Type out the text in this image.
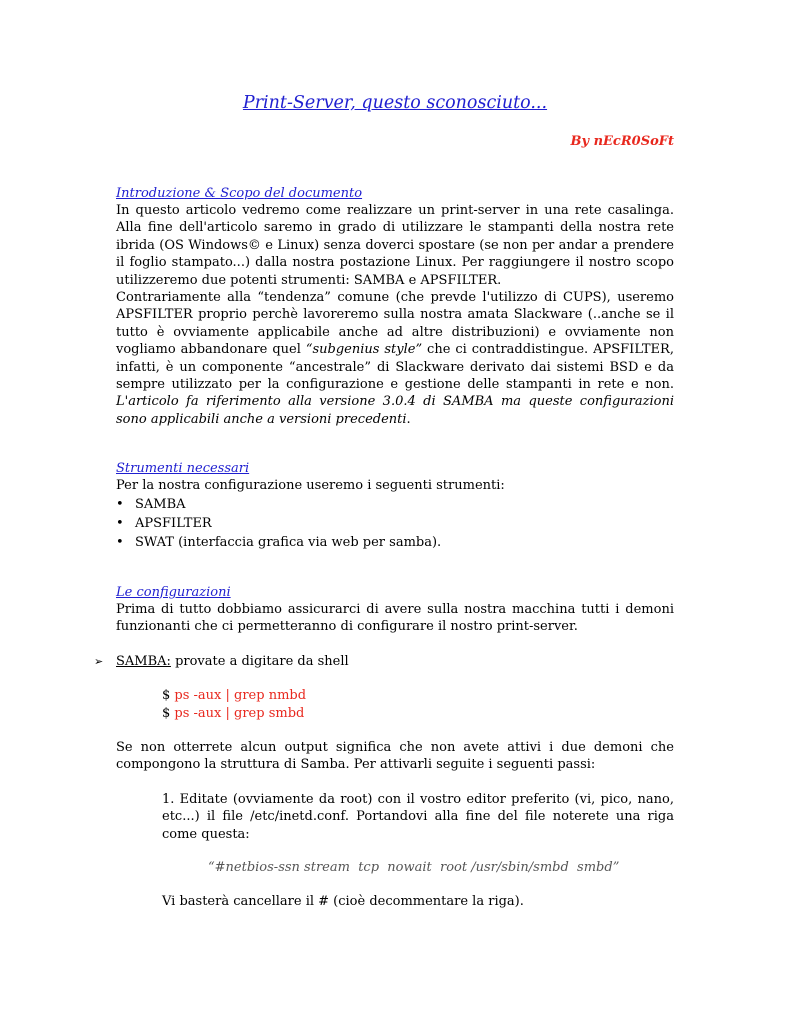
Print-Server, questo sconosciuto...
By nEcR0SoFt
Introduzione & Scopo del documento

In questo articolo vedremo come realizzare un print-server in una rete casalinga. Alla fine dell'articolo saremo in grado di utilizzare le stampanti della nostra rete ibrida (OS Windows© e Linux) senza doverci spostare (se non per andar a prendere il foglio stampato...) dalla nostra postazione Linux. Per raggiungere il nostro scopo utilizzeremo due potenti strumenti: SAMBA e APSFILTER.

Contrariamente alla “tendenza” comune (che prevde l'utilizzo di CUPS), useremo APSFILTER proprio perchè lavoreremo sulla nostra amata Slackware (..anche se il tutto è ovviamente applicabile anche ad altre distribuzioni) e ovviamente non vogliamo abbandonare quel “subgenius style” che ci contraddistingue. APSFILTER, infatti, è un componente “ancestrale” di Slackware derivato dai sistemi BSD e da sempre utilizzato per la configurazione e gestione delle stampanti in rete e non. L'articolo fa riferimento alla versione 3.0.4 di SAMBA ma queste configurazioni sono applicabili anche a versioni precedenti.

Strumenti necessari
Per la nostra configurazione useremo i seguenti strumenti:
• SAMBA
• APSFILTER
• SWAT (interfaccia grafica via web per samba).
Le configurazioni
Prima di tutto dobbiamo assicurarci di avere sulla nostra macchina tutti i demoni funzionanti che ci permetteranno di configurare il nostro print-server.
➢ SAMBA: provate a digitare da shell
$ ps -aux | grep nmbd
$ ps -aux | grep smbd
Se non otterrete alcun output significa che non avete attivi i due demoni che compongono la struttura di Samba. Per attivarli seguite i seguenti passi:
1. Editate (ovviamente da root) con il vostro editor preferito (vi, pico, nano, etc...) il file /etc/inetd.conf. Portandovi alla fine del file noterete una riga come questa:
“#netbios-ssn stream  tcp  nowait  root /usr/sbin/smbd  smbd”
Vi basterà cancellare il # (cioè decommentare la riga).
